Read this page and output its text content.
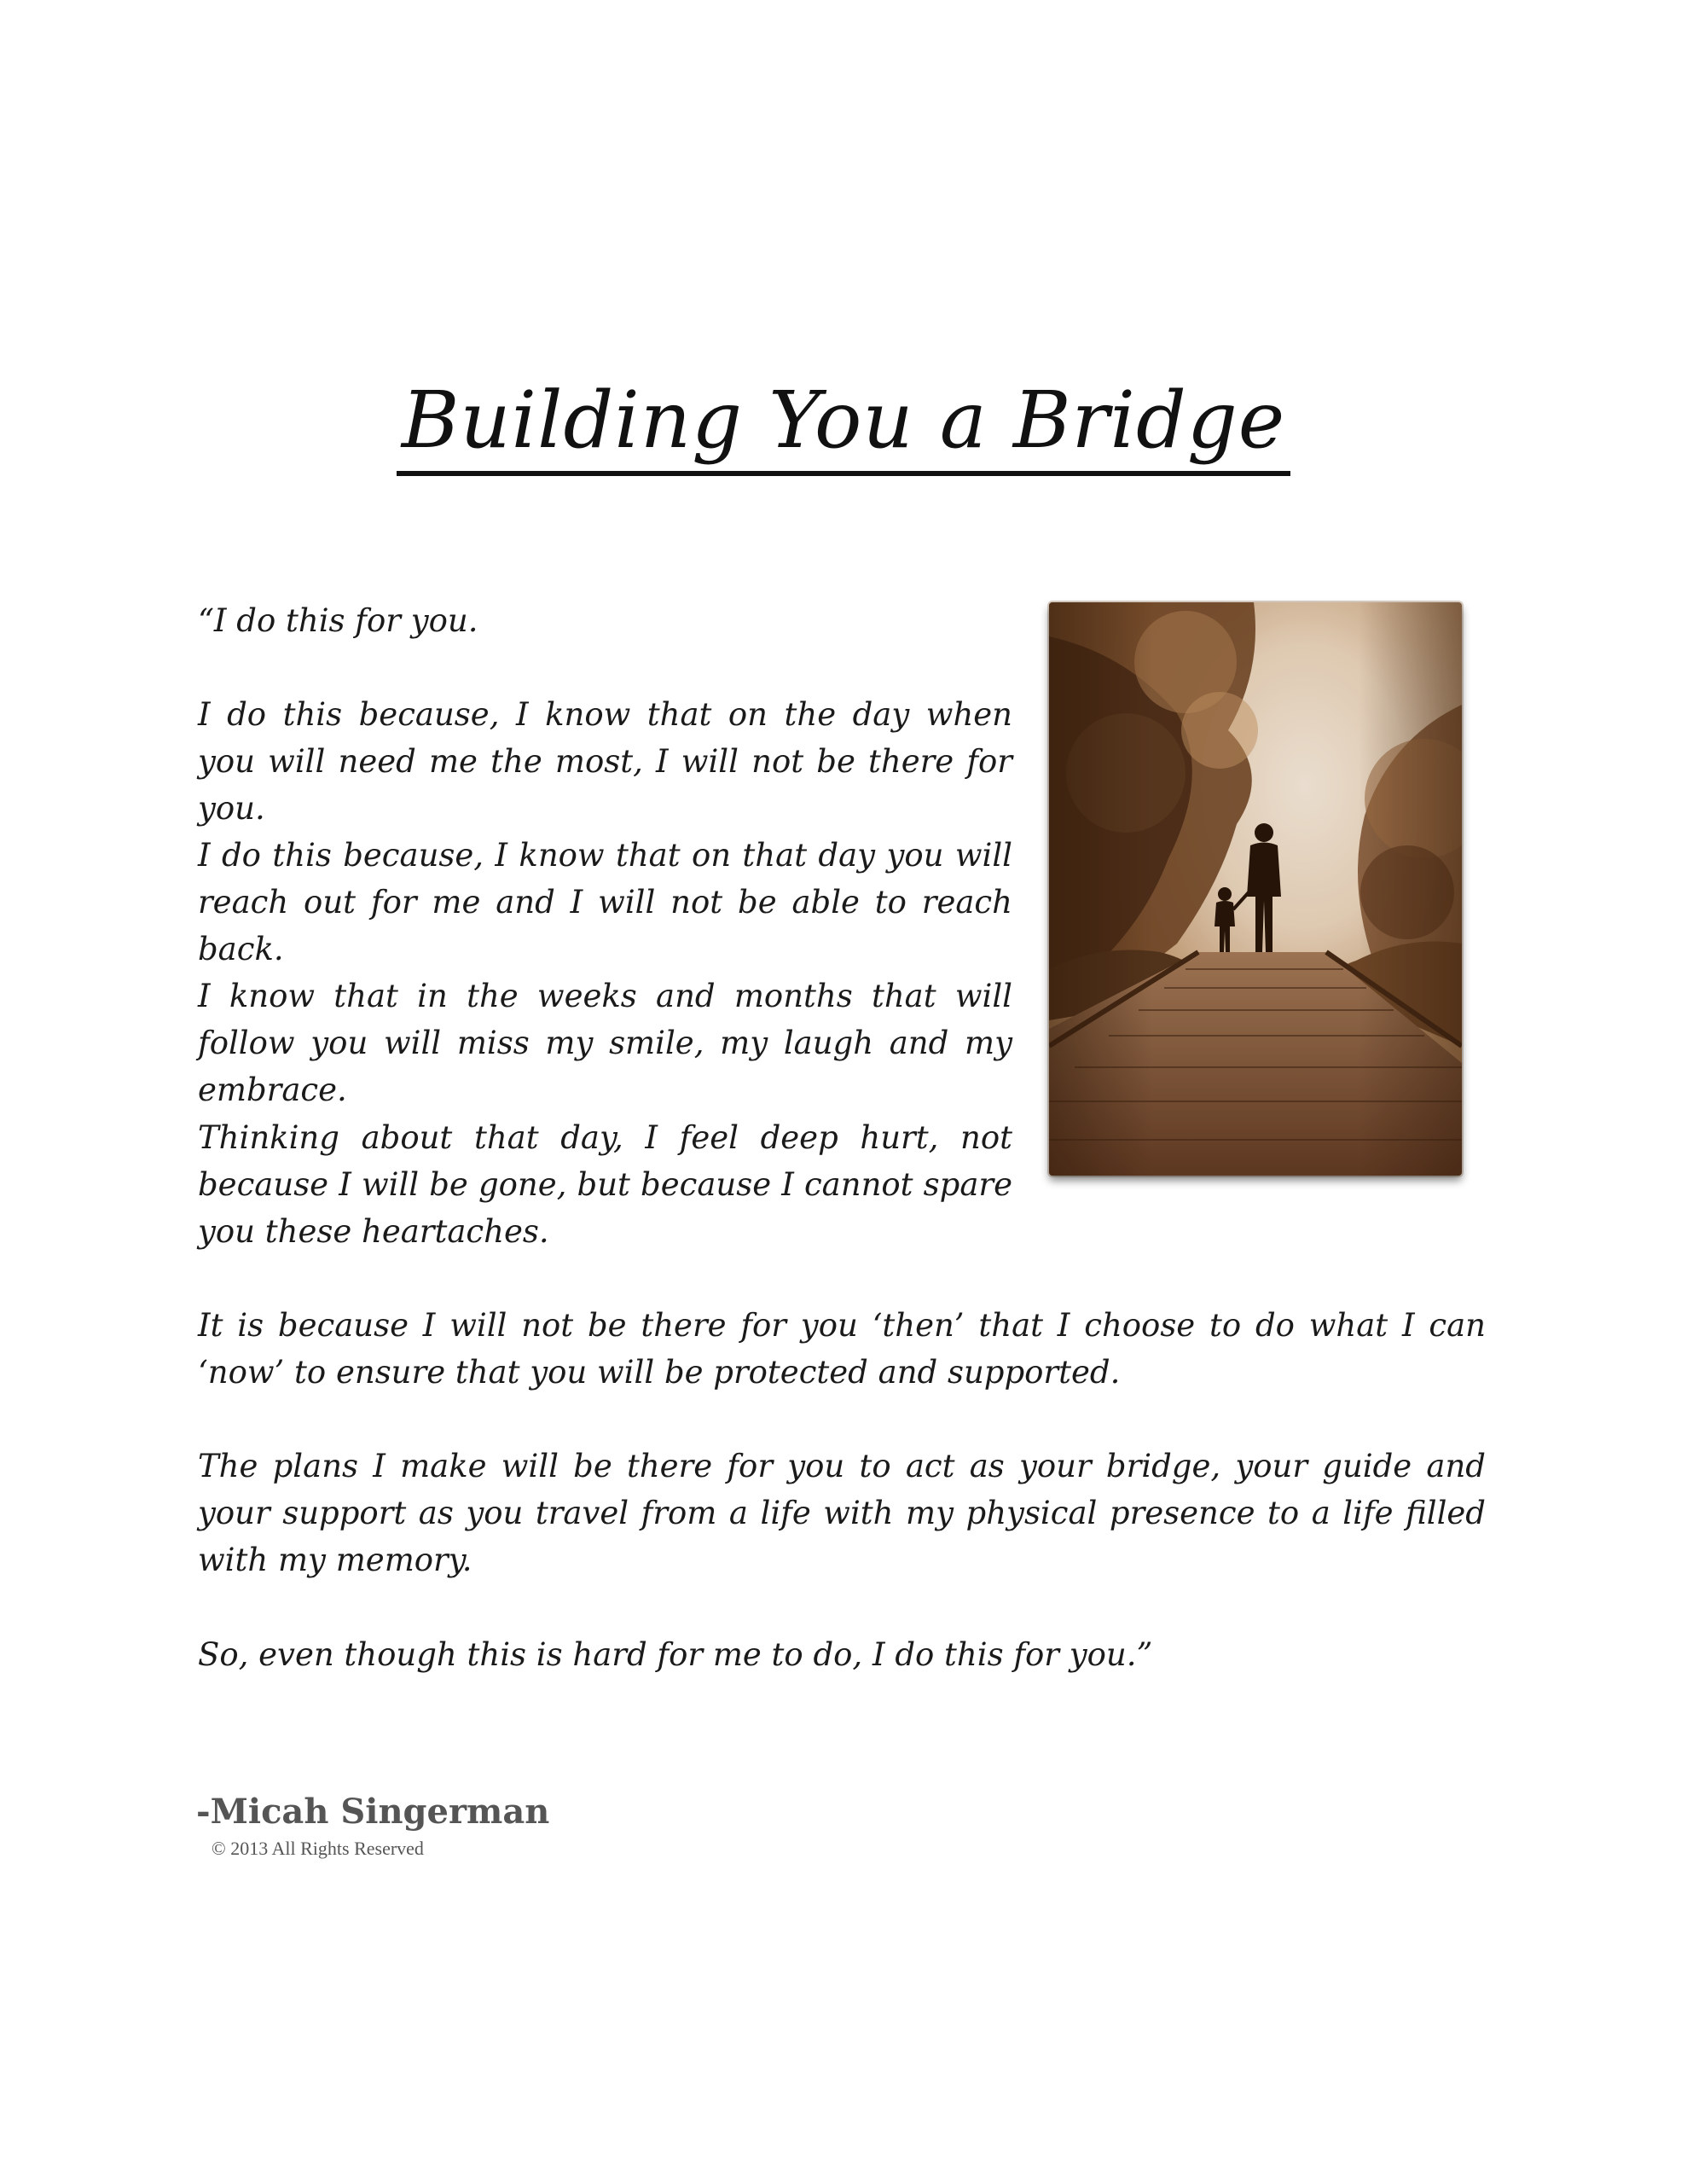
Building You a Bridge

“I do this for you.

I do this because, I know that on the day when you will need me the most, I will not be there for you.

I do this because, I know that on that day you will reach out for me and I will not be able to reach back.

I know that in the weeks and months that will follow you will miss my smile, my laugh and my embrace.

Thinking about that day, I feel deep hurt, not because I will be gone, but because I cannot spare you these heartaches.

It is because I will not be there for you ‘then’ that I choose to do what I can ‘now’ to ensure that you will be protected and supported.

The plans I make will be there for you to act as your bridge, your guide and your support as you travel from a life with my physical presence to a life filled with my memory.

So, even though this is hard for me to do, I do this for you.”

-Micah Singerman

© 2013 All Rights Reserved
